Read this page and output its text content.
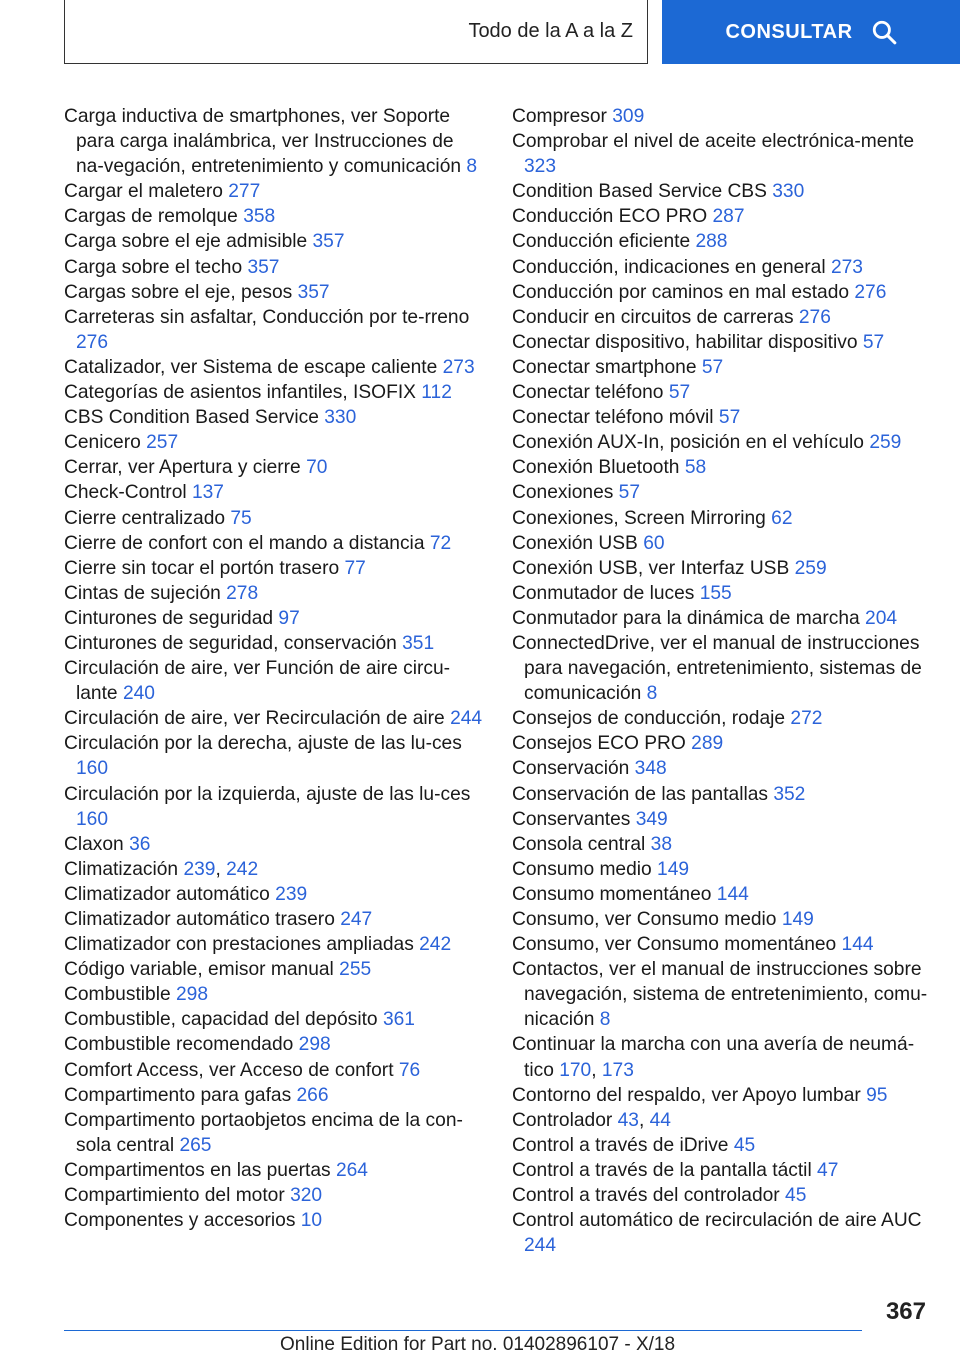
Todo de la A a la Z	CONSULTAR

Carga inductiva de smartphones, ver Soporte para carga inalámbrica, ver Instrucciones de na-vegación, entretenimiento y comunicación 8

Cargar el maletero 277

Cargas de remolque 358

Carga sobre el eje admisible 357

Carga sobre el techo 357

Cargas sobre el eje, pesos 357

Carreteras sin asfaltar, Conducción por te-rreno 276

Catalizador, ver Sistema de escape caliente 273

Categorías de asientos infantiles, ISOFIX 112

CBS Condition Based Service 330

Cenicero 257

Cerrar, ver Apertura y cierre 70

Check-Control 137

Cierre centralizado 75

Cierre de confort con el mando a distancia 72

Cierre sin tocar el portón trasero 77

Cintas de sujeción 278

Cinturones de seguridad 97

Cinturones de seguridad, conservación 351

Circulación de aire, ver Función de aire circu-lante 240

Circulación de aire, ver Recirculación de aire 244

Circulación por la derecha, ajuste de las lu-ces 160

Circulación por la izquierda, ajuste de las lu-ces 160

Claxon 36

Climatización 239, 242

Climatizador automático 239

Climatizador automático trasero 247

Climatizador con prestaciones ampliadas 242

Código variable, emisor manual 255

Combustible 298

Combustible, capacidad del depósito 361

Combustible recomendado 298

Comfort Access, ver Acceso de confort 76

Compartimento para gafas 266

Compartimento portaobjetos encima de la con-sola central 265

Compartimentos en las puertas 264

Compartimiento del motor 320

Componentes y accesorios 10

Compresor 309

Comprobar el nivel de aceite electrónica-mente 323

Condition Based Service CBS 330

Conducción ECO PRO 287

Conducción eficiente 288

Conducción, indicaciones en general 273

Conducción por caminos en mal estado 276

Conducir en circuitos de carreras 276

Conectar dispositivo, habilitar dispositivo 57

Conectar smartphone 57

Conectar teléfono 57

Conectar teléfono móvil 57

Conexión AUX-In, posición en el vehículo 259

Conexión Bluetooth 58

Conexiones 57

Conexiones, Screen Mirroring 62

Conexión USB 60

Conexión USB, ver Interfaz USB 259

Conmutador de luces 155

Conmutador para la dinámica de marcha 204

ConnectedDrive, ver el manual de instrucciones para navegación, entretenimiento, sistemas de comunicación 8

Consejos de conducción, rodaje 272

Consejos ECO PRO 289

Conservación 348

Conservación de las pantallas 352

Conservantes 349

Consola central 38

Consumo medio 149

Consumo momentáneo 144

Consumo, ver Consumo medio 149

Consumo, ver Consumo momentáneo 144

Contactos, ver el manual de instrucciones sobre navegación, sistema de entretenimiento, comu-nicación 8

Continuar la marcha con una avería de neumá-tico 170, 173

Contorno del respaldo, ver Apoyo lumbar 95

Controlador 43, 44

Control a través de iDrive 45

Control a través de la pantalla táctil 47

Control a través del controlador 45

Control automático de recirculación de aire AUC 244

367
Online Edition for Part no. 01402896107 - X/18
